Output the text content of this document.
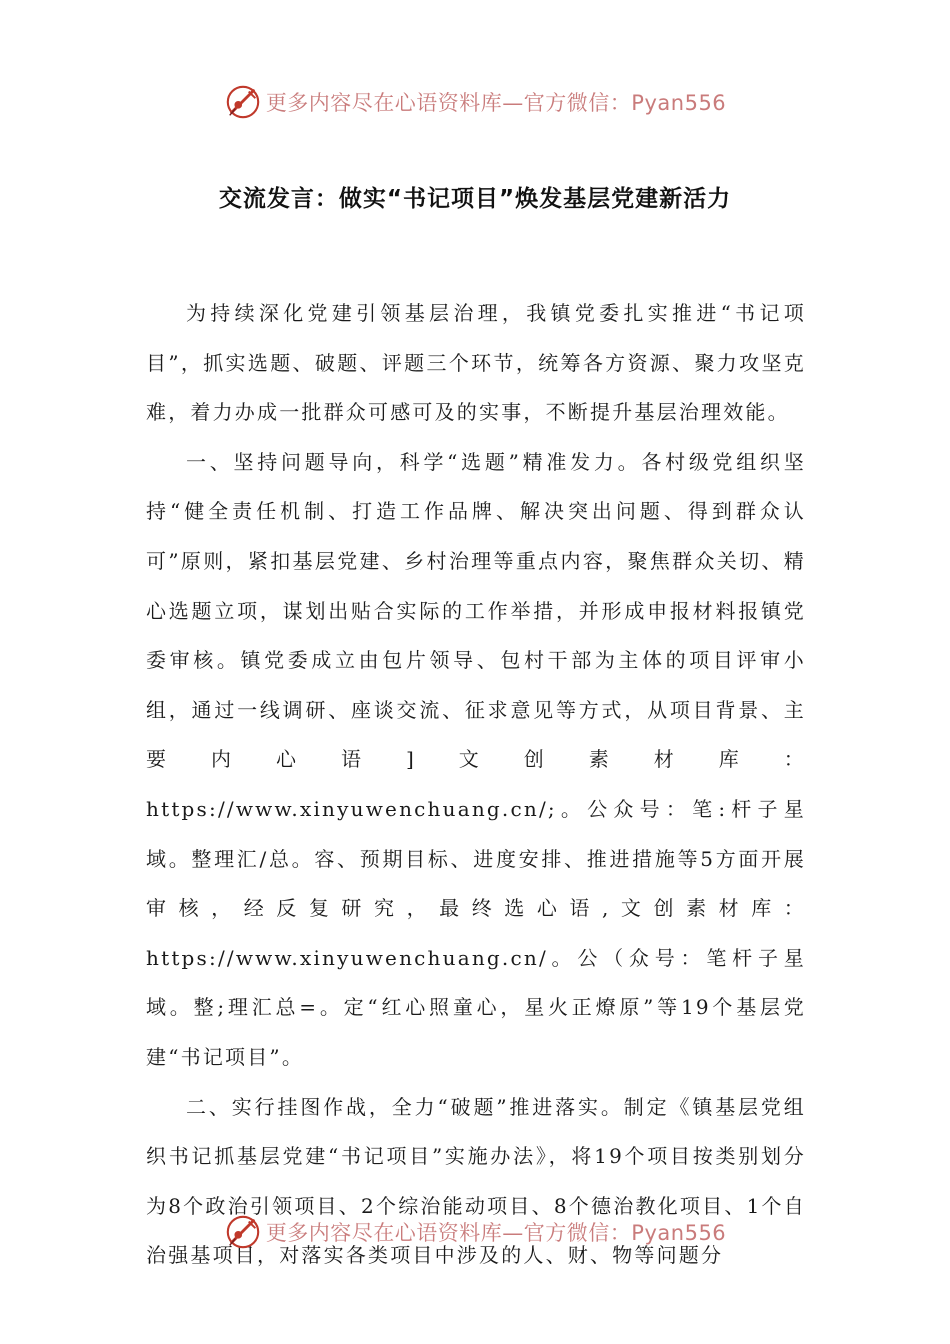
更多内容尽在心语资料库—官方微信：Pyan556
交流发言：做实“书记项目”焕发基层党建新活力

为持续深化党建引领基层治理，我镇党委扎实推进“书记项目”，抓实选题、破题、评题三个环节，统筹各方资源、聚力攻坚克难，着力办成一批群众可感可及的实事，不断提升基层治理效能。

一、坚持问题导向，科学“选题”精准发力。各村级党组织坚持“健全责任机制、打造工作品牌、解决突出问题、得到群众认可”原则，紧扣基层党建、乡村治理等重点内容，聚焦群众关切、精心选题立项，谋划出贴合实际的工作举措，并形成申报材料报镇党委审核。镇党委成立由包片领导、包村干部为主体的项目评审小组，通过一线调研、座谈交流、征求意见等方式，从项目背景、主要内心语]文创素材库：https://www.xinyuwenchuang.cn/;。公众号：笔:杆子星域。整理汇/总。容、预期目标、进度安排、推进措施等5方面开展审核，经反复研究，最终选心语,文创素材库：https://www.xinyuwenchuang.cn/。公（众号：笔杆子星域。整;理汇总=。定“红心照童心，星火正燎原”等19个基层党建“书记项目”。

二、实行挂图作战，全力“破题”推进落实。制定《镇基层党组织书记抓基层党建“书记项目”实施办法》，将19个项目按类别划分为8个政治引领项目、2个综治能动项目、8个德治教化项目、1个自治强基项目，对落实各类项目中涉及的人、财、物等问题分

更多内容尽在心语资料库—官方微信：Pyan556
